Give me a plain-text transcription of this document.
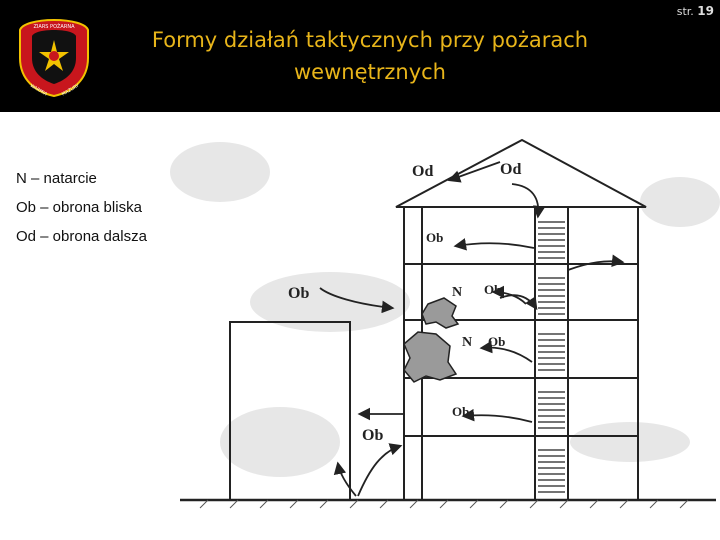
ZIARS POŻARNA
WARMIA	MAZURY
Formy działań taktycznych przy pożarach
wewnętrznych
str. 19
N – natarcie
Ob – obrona bliska
Od – obrona dalsza
Od	Od
Ob
Ob	N Ob
N Ob
Ob
Ob
